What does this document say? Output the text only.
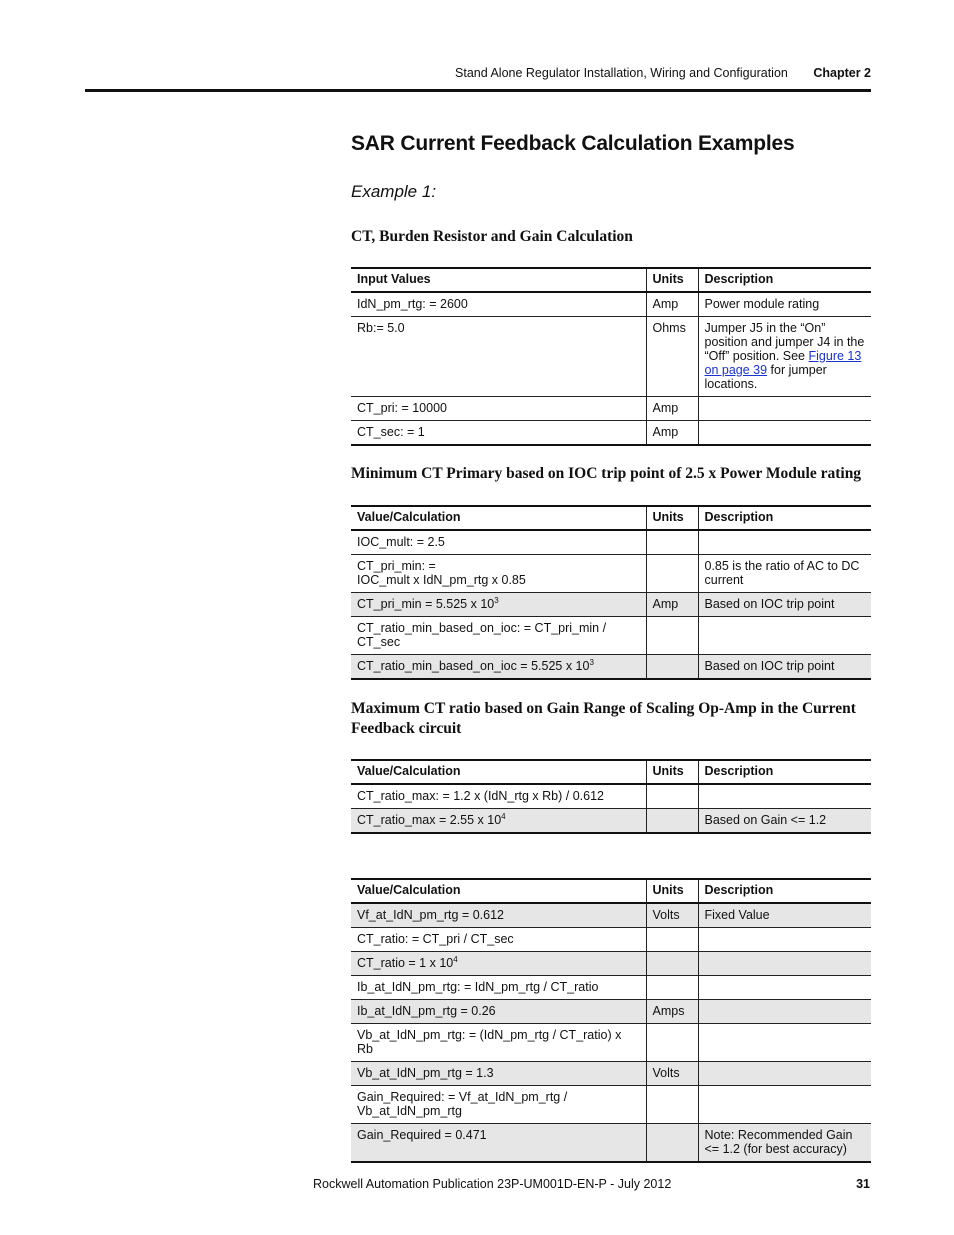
Stand Alone Regulator Installation, Wiring and Configuration Chapter 2
SAR Current Feedback Calculation Examples
Example 1:
CT, Burden Resistor and Gain Calculation
Input Values	Units	Description
IdN_pm_rtg: = 2600	Amp	Power module rating
Rb:= 5.0	Ohms	Jumper J5 in the “On” position and jumper J4 in the “Off” position. See Figure 13 on page 39 for jumper locations.
CT_pri: = 10000	Amp	
CT_sec: = 1	Amp	
Minimum CT Primary based on IOC trip point of 2.5 x Power Module rating
Value/Calculation	Units	Description
IOC_mult: = 2.5		
CT_pri_min: =
IOC_mult x IdN_pm_rtg x 0.85		0.85 is the ratio of AC to DC current
CT_pri_min = 5.525 x $10^3$	Amp	Based on IOC trip point
CT_ratio_min_based_on_ioc: = CT_pri_min / CT_sec		
CT_ratio_min_based_on_ioc = 5.525 x $10^3$		Based on IOC trip point
Maximum CT ratio based on Gain Range of Scaling Op-Amp in the Current Feedback circuit
Value/Calculation	Units	Description
CT_ratio_max: = 1.2 x (IdN_rtg x Rb) / 0.612		
CT_ratio_max = 2.55 x $10^4$		Based on Gain <= 1.2
Value/Calculation	Units	Description
Vf_at_IdN_pm_rtg = 0.612	Volts	Fixed Value
CT_ratio: = CT_pri / CT_sec		
CT_ratio = 1 x $10^4$		
Ib_at_IdN_pm_rtg: = IdN_pm_rtg / CT_ratio		
Ib_at_IdN_pm_rtg = 0.26	Amps	
Vb_at_IdN_pm_rtg: = (IdN_pm_rtg / CT_ratio) x Rb		
Vb_at_IdN_pm_rtg = 1.3	Volts	
Gain_Required: = Vf_at_IdN_pm_rtg /
Vb_at_IdN_pm_rtg		
Gain_Required = 0.471		Note: Recommended Gain <= 1.2 (for best accuracy)
Rockwell Automation Publication 23P-UM001D-EN-P - July 2012	31
